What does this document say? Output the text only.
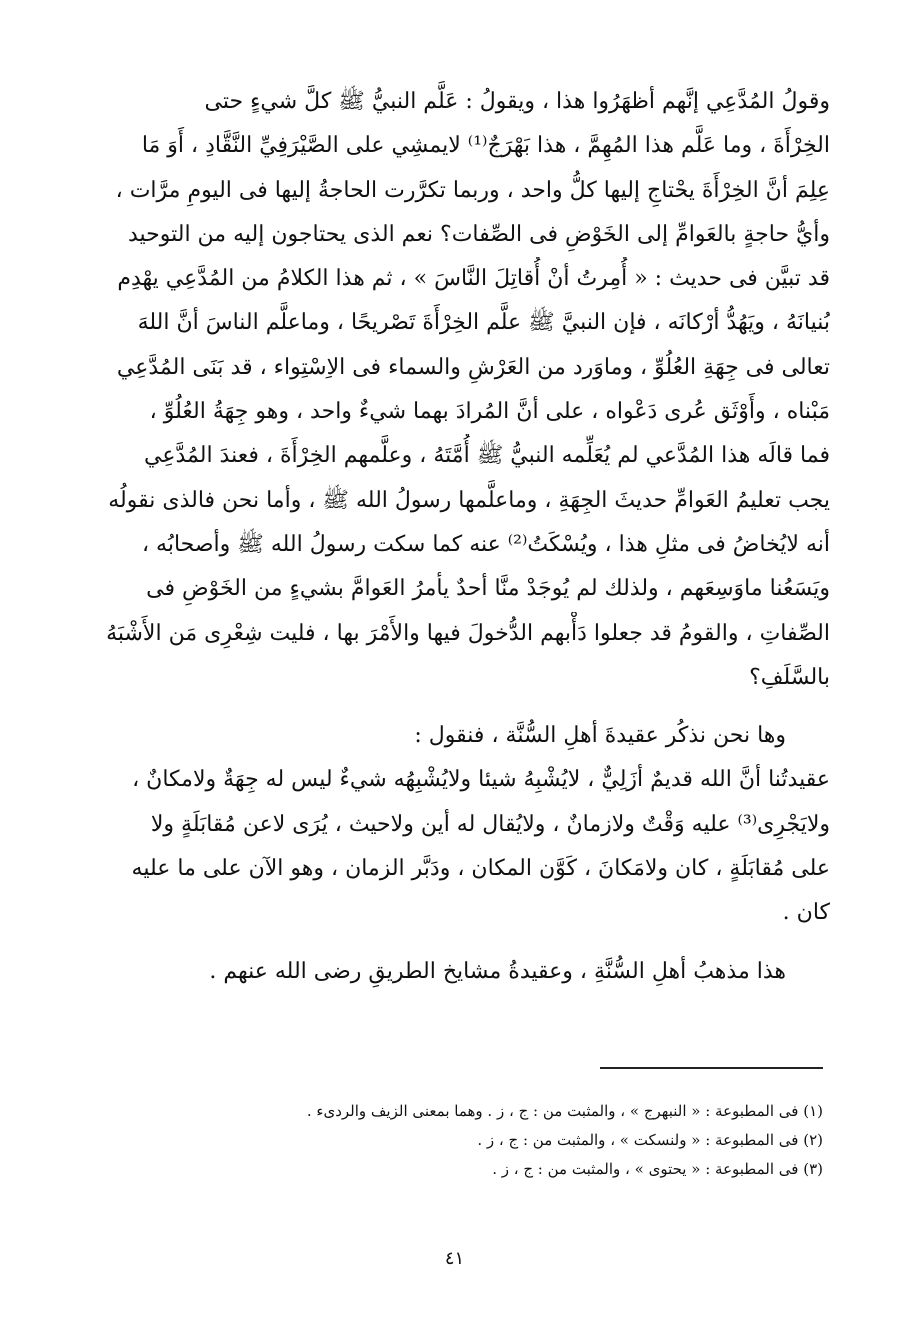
وقولُ المُدَّعِي إنَّهم أظهَرُوا هذا ، ويقولُ : عَلَّم النبيُّ ﷺ كلَّ شيءٍ حتى
الخِرْأَةَ ، وما عَلَّم هذا المُهِمَّ ، هذا بَهْرَجٌ⁽¹⁾ لايمشِي على الصَّيْرَفِيِّ النَّقَّادِ ، أَوَ مَا
عِلِمَ أنَّ الخِرْأَةَ يحْتاجِ إليها كلُّ واحد ، وربما تكرَّرت الحاجةُ إليها فى اليومِ مرَّات ،
وأيُّ حاجةٍ بالعَوامِّ إلى الخَوْضِ فى الصِّفات؟ نعم الذى يحتاجون إليه من التوحيد
قد تبيَّن فى حديث : « أُمِرتُ أنْ أُقاتِلَ النَّاسَ » ، ثم هذا الكلامُ من المُدَّعِي يهْدِم
بُنيانَهُ ، ويَهُدُّ أرْكانَه ، فإن النبيَّ ﷺ علَّم الخِرْأَةَ تَصْريحًا ، وماعلَّم الناسَ أنَّ اللهَ
تعالى فى جِهَةِ العُلُوِّ ، وماوَرد من العَرْشِ والسماء فى الاِسْتِواء ، قد بَنَى المُدَّعِي
مَبْناه ، وأَوْثَق عُرى دَعْواه ، على أنَّ المُرادَ بهما شيءٌ واحد ، وهو جِهَةُ العُلُوِّ ،
فما قالَه هذا المُدَّعي لم يُعَلِّمه النبيُّ ﷺ أُمَّتَهُ ، وعلَّمهم الخِرْأَةَ ، فعندَ المُدَّعِي
يجب تعليمُ العَوامِّ حديثَ الجِهَةِ ، وماعلَّمها رسولُ الله ﷺ ، وأما نحن فالذى نقولُه
أنه لايُخاضُ فى مثلِ هذا ، ويُسْكَتُ⁽²⁾ عنه كما سكت رسولُ الله ﷺ وأصحابُه ،
ويَسَعُنا ماوَسِعَهم ، ولذلك لم يُوجَدْ منَّا أحدٌ يأمرُ العَوامَّ بشيءٍ من الخَوْضِ فى
الصِّفاتِ ، والقومُ قد جعلوا دَأْبهم الدُّخولَ فيها والأَمْرَ بها ، فليت شِعْرِى مَن الأَشْبَهُ
بالسَّلَفِ؟

وها نحن نذكُر عقيدةَ أهلِ السُّنَّة ، فنقول :

عقيدتُنا أنَّ الله قديمٌ أزَلِيٌّ ، لايُشْبِهُ شيئا ولايُشْبِهُه شيءٌ ليس له جِهَةٌ ولامكانٌ ،
ولايَجْرِى⁽³⁾ عليه وَقْتٌ ولازمانٌ ، ولايُقال له أين ولاحيث ، يُرَى لاعن مُقابَلَةٍ ولا
على مُقابَلَةٍ ، كان ولامَكانَ ، كَوَّن المكان ، ودَبَّر الزمان ، وهو الآن على ما عليه
كان .

هذا مذهبُ أهلِ السُّنَّةِ ، وعقيدةُ مشايخ الطريقِ رضى الله عنهم .

(١) فى المطبوعة : « النبهرج » ، والمثبت من : ج ، ز . وهما بمعنى الزيف والردىء .
(٢) فى المطبوعة : « ولنسكت » ، والمثبت من : ج ، ز .
(٣) فى المطبوعة : « يحتوى » ، والمثبت من : ج ، ز .
٤١
